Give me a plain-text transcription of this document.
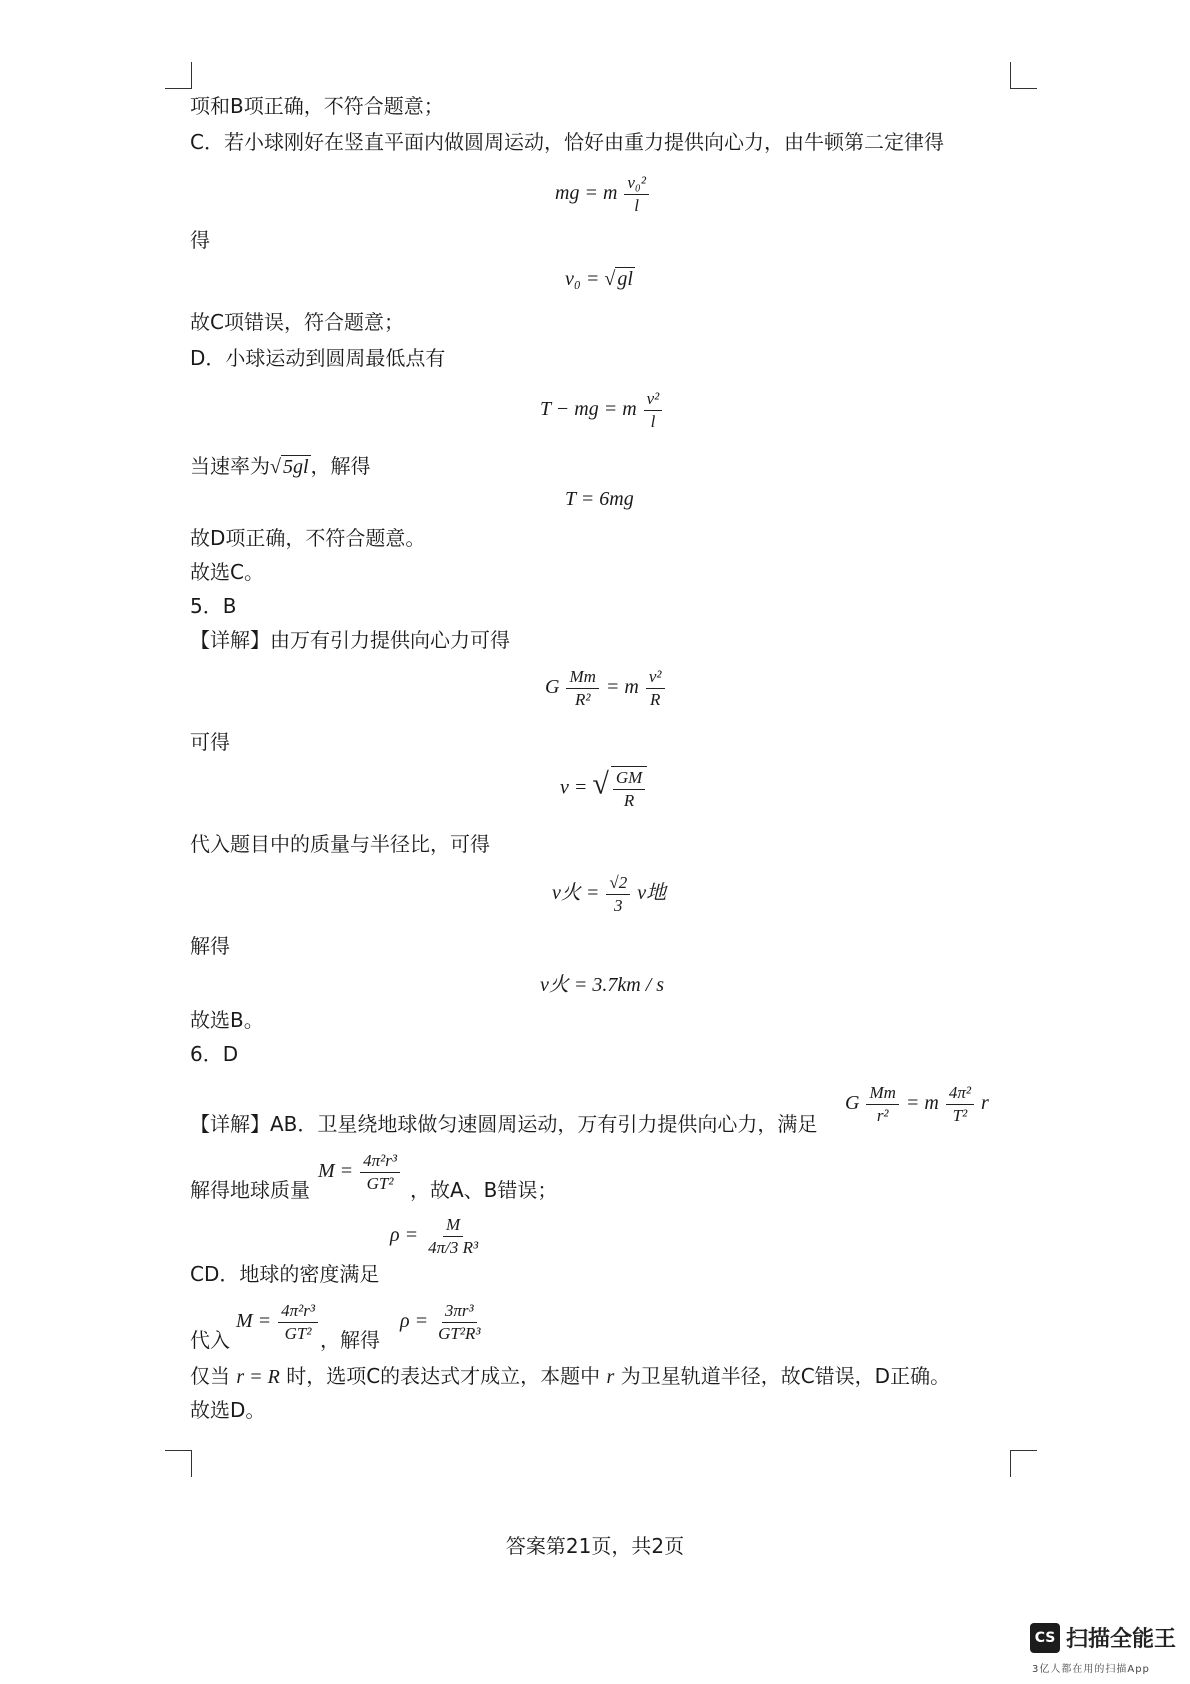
项和B项正确，不符合题意；
C．若小球刚好在竖直平面内做圆周运动，恰好由重力提供向心力，由牛顿第二定律得
mg = m $\frac{\text{v₀²}}{l}$
得
v₀ = √ gl
故C项错误，符合题意；
D．小球运动到圆周最低点有
T − mg = m $\frac{\text{v²}}{l}$
当速率为√ 5gl ，解得
T = 6mg
故D项正确，不符合题意。
故选C。
5．B
【详解】由万有引力提供向心力可得
G $\frac{Mm}{\text{R²}} = m \frac{\text{v²}}{R}$
可得
v = √ $\frac{GM}{R}$
代入题目中的质量与半径比，可得
v火 = $\frac{√2}{3}$ v地
解得
v火 = 3.7km / s
故选B。
6．D
【详解】AB．卫星绕地球做匀速圆周运动，万有引力提供向心力，满足
G $\frac{Mm}{\text{r²}} = m \frac{\text{4π²}}{\text{T²}}$ r
解得地球质量
$M = \frac{\text{4π²r³}}{\text{GT²}}$ ，故A、B错误；
CD．地球的密度满足
$\rho = \frac{M}{\text{4π/3 R³}}$
代入
$M = \frac{\text{4π²r³}}{\text{GT²}}$ ，解得
$\rho = \frac{\text{3πr³}}{\text{GT²R³}}$
仅当 r = R 时，选项C的表达式才成立，本题中 r 为卫星轨道半径，故C错误，D正确。
故选D。
答案第21页，共2页
CS 扫描全能王
3亿人都在用的扫描App
